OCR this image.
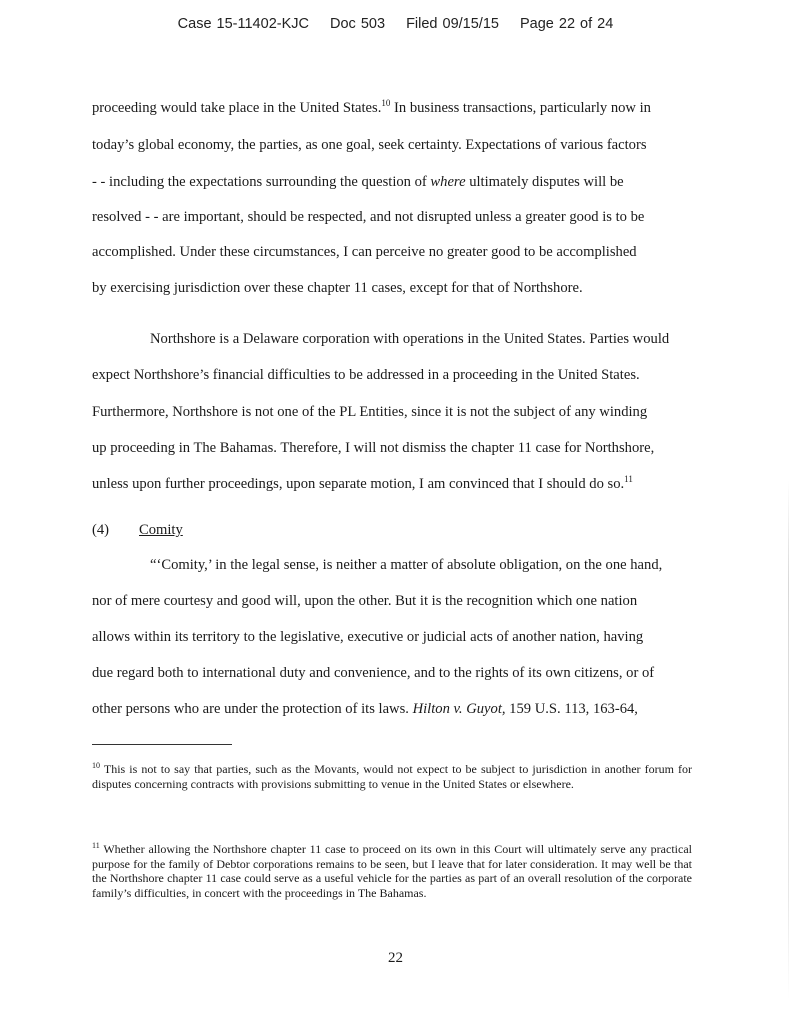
Case 15-11402-KJC Doc 503 Filed 09/15/15 Page 22 of 24
proceeding would take place in the United States.$^{10}$ In business transactions, particularly now in
today’s global economy, the parties, as one goal, seek certainty. Expectations of various factors
- - including the expectations surrounding the question of where ultimately disputes will be
resolved - - are important, should be respected, and not disrupted unless a greater good is to be
accomplished. Under these circumstances, I can perceive no greater good to be accomplished
by exercising jurisdiction over these chapter 11 cases, except for that of Northshore.
Northshore is a Delaware corporation with operations in the United States. Parties would
expect Northshore’s financial difficulties to be addressed in a proceeding in the United States.
Furthermore, Northshore is not one of the PL Entities, since it is not the subject of any winding
up proceeding in The Bahamas. Therefore, I will not dismiss the chapter 11 case for Northshore,
unless upon further proceedings, upon separate motion, I am convinced that I should do so.$^{11}$
(4) Comity
“‘Comity,’ in the legal sense, is neither a matter of absolute obligation, on the one hand,
nor of mere courtesy and good will, upon the other. But it is the recognition which one nation
allows within its territory to the legislative, executive or judicial acts of another nation, having
due regard both to international duty and convenience, and to the rights of its own citizens, or of
other persons who are under the protection of its laws. Hilton v. Guyot, 159 U.S. 113, 163-64,
$^{10}$ This is not to say that parties, such as the Movants, would not expect to be subject to jurisdiction in another forum for disputes concerning contracts with provisions submitting to venue in the United States or elsewhere.
$^{11}$ Whether allowing the Northshore chapter 11 case to proceed on its own in this Court will ultimately serve any practical purpose for the family of Debtor corporations remains to be seen, but I leave that for later consideration. It may well be that the Northshore chapter 11 case could serve as a useful vehicle for the parties as part of an overall resolution of the corporate family’s difficulties, in concert with the proceedings in The Bahamas.
22
